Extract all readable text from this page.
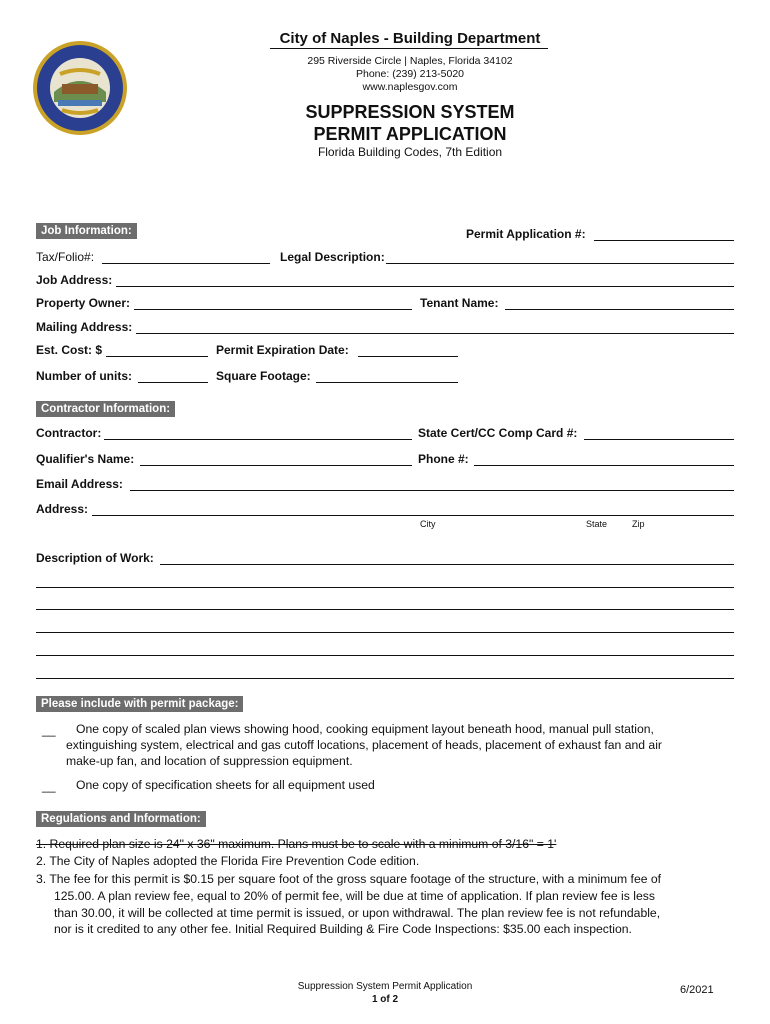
City of Naples - Building Department
295 Riverside Circle | Naples, Florida 34102
Phone: (239) 213-5020
www.naplesgov.com
SUPPRESSION SYSTEM
PERMIT APPLICATION
Florida Building Codes, 7th Edition
Job Information:	Permit Application #:
Tax/Folio#:	Legal Description:
Job Address:
Property Owner:	Tenant Name:
Mailing Address:
Est. Cost: $	Permit Expiration Date:
Number of units:	Square Footage:
Contractor Information:
Contractor:	State Cert/CC Comp Card #:
Qualifier's Name:	Phone #:
Email Address:
Address:
City	State	Zip
Description of Work:
Please include with permit package:
__ One copy of scaled plan views showing hood, cooking equipment layout beneath hood, manual pull station,
extinguishing system, electrical and gas cutoff locations, placement of heads, placement of exhaust fan and air
make-up fan, and location of suppression equipment.
__ One copy of specification sheets for all equipment used
Regulations and Information:
1. Required plan size is 24" x 36" maximum. Plans must be to scale with a minimum of 3/16" = 1'
2. The City of Naples adopted the Florida Fire Prevention Code edition.
3. The fee for this permit is $0.15 per square foot of the gross square footage of the structure, with a minimum fee of
125.00. A plan review fee, equal to 20% of permit fee, will be due at time of application. If plan review fee is less
than 30.00, it will be collected at time permit is issued, or upon withdrawal. The plan review fee is not refundable,
nor is it credited to any other fee. Initial Required Building & Fire Code Inspections: $35.00 each inspection.
Suppression System Permit Application
1 of 2
6/2021
